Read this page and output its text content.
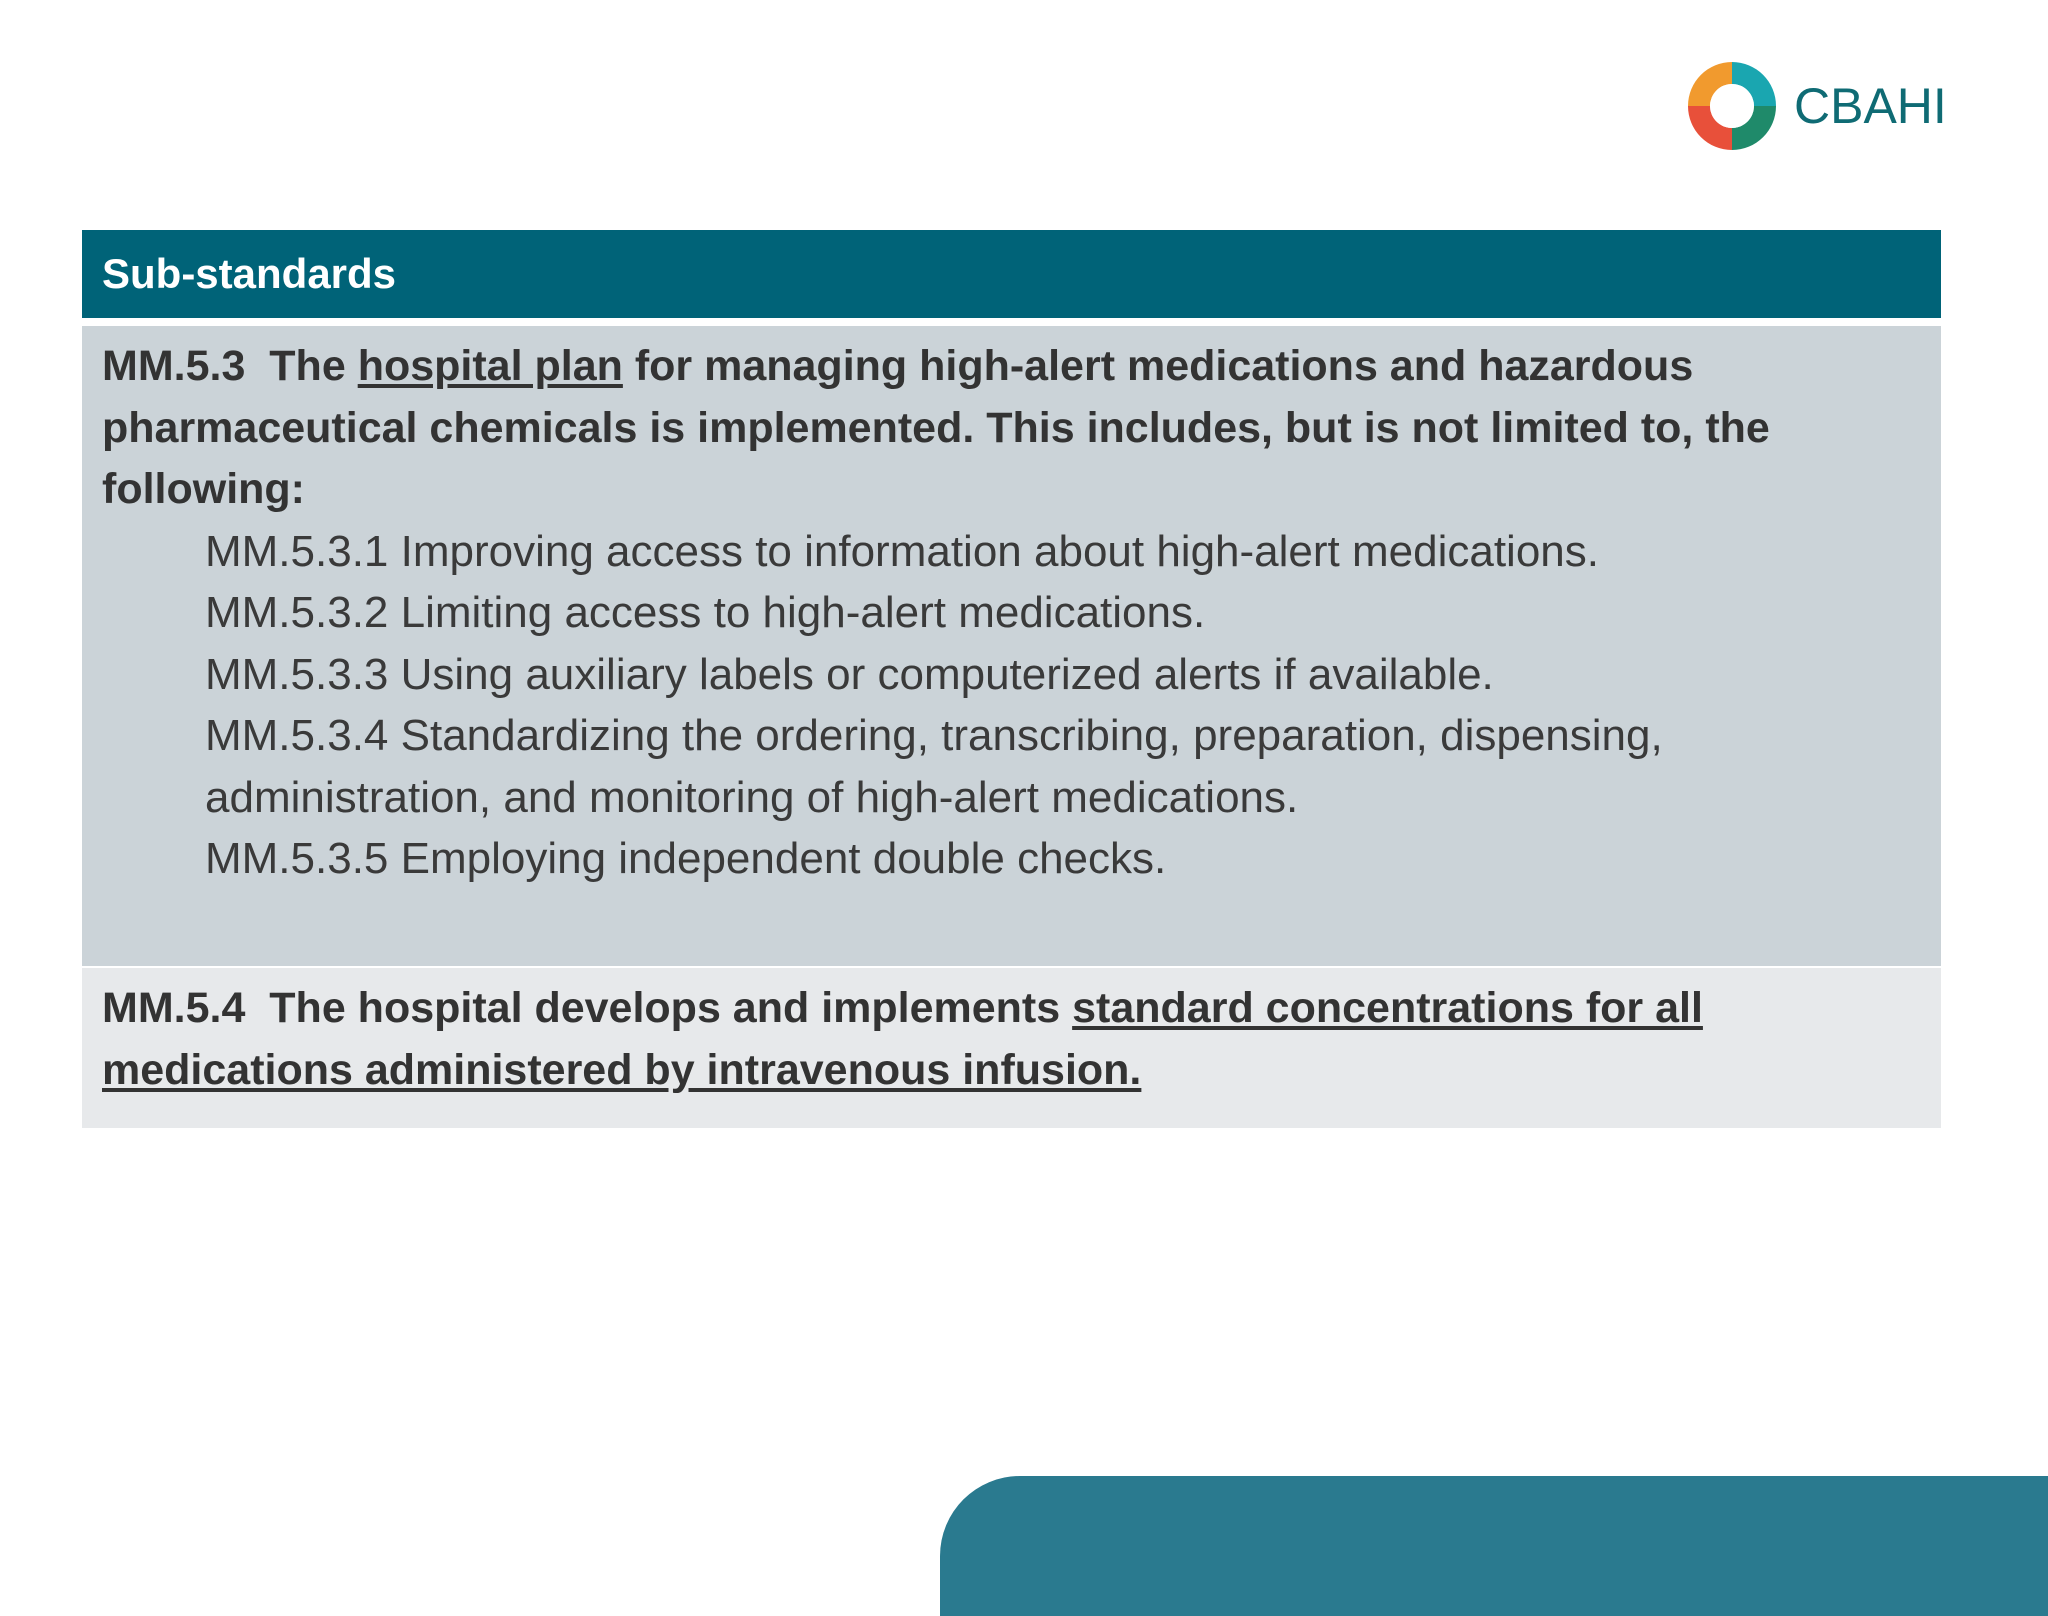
CBAHI
Sub-standards
MM.5.3 The hospital plan for managing high-alert medications and hazardous pharmaceutical chemicals is implemented. This includes, but is not limited to, the following:
MM.5.3.1 Improving access to information about high-alert medications.
MM.5.3.2 Limiting access to high-alert medications.
MM.5.3.3 Using auxiliary labels or computerized alerts if available.
MM.5.3.4 Standardizing the ordering, transcribing, preparation, dispensing, administration, and monitoring of high-alert medications.
MM.5.3.5 Employing independent double checks.
MM.5.4 The hospital develops and implements standard concentrations for all medications administered by intravenous infusion.
